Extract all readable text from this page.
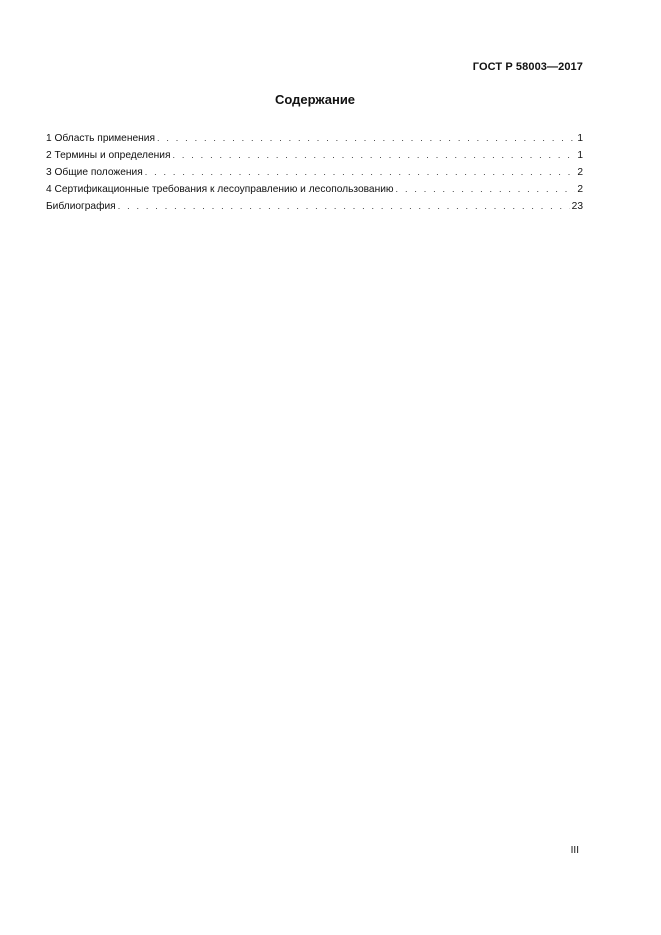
ГОСТ Р 58003—2017
Содержание
1 Область применения . . .	1
2 Термины и определения . . .	1
3 Общие положения . . .	2
4 Сертификационные требования к лесоуправлению и лесопользованию . . .	2
Библиография . . .	23
III
